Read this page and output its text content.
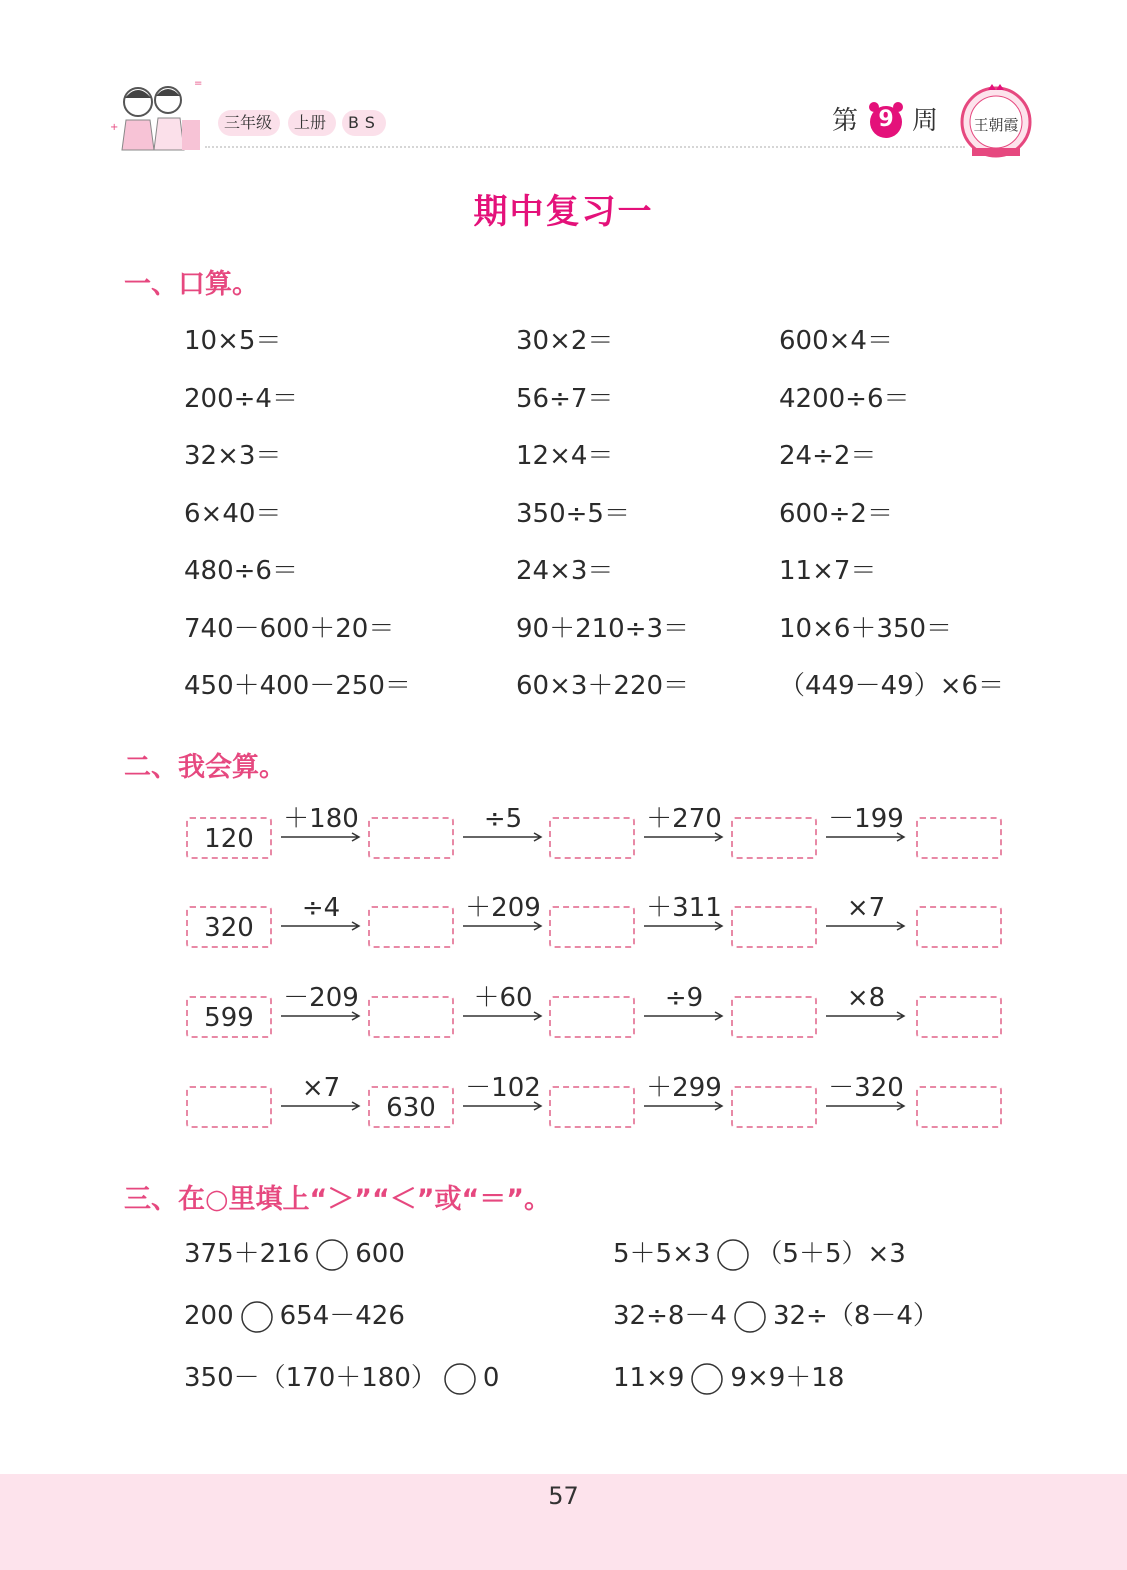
+
=
三年级	上册	BS	第 9 周 王朝霞
期中复习一
一、口算。
10×5＝	30×2＝	600×4＝
200÷4＝	56÷7＝	4200÷6＝
32×3＝	12×4＝	24÷2＝
6×40＝	350÷5＝	600÷2＝
480÷6＝	24×3＝	11×7＝
740－600＋20＝	90＋210÷3＝	10×6＋350＝
450＋400－250＝	60×3＋220＝	（449－49）×6＝
二、我会算。
120
＋180	÷5	＋270	－199
320
÷4	＋209	＋311	×7
599
－209	＋60	÷9	×8
630
×7	－102	＋299	－320
三、在○里填上“＞”“＜”或“＝”。
375＋216 600	5＋5×3 （5＋5）×3
200 654－426	32÷8－4 32÷（8－4）
350－（170＋180） 0	11×9 9×9＋18
57
